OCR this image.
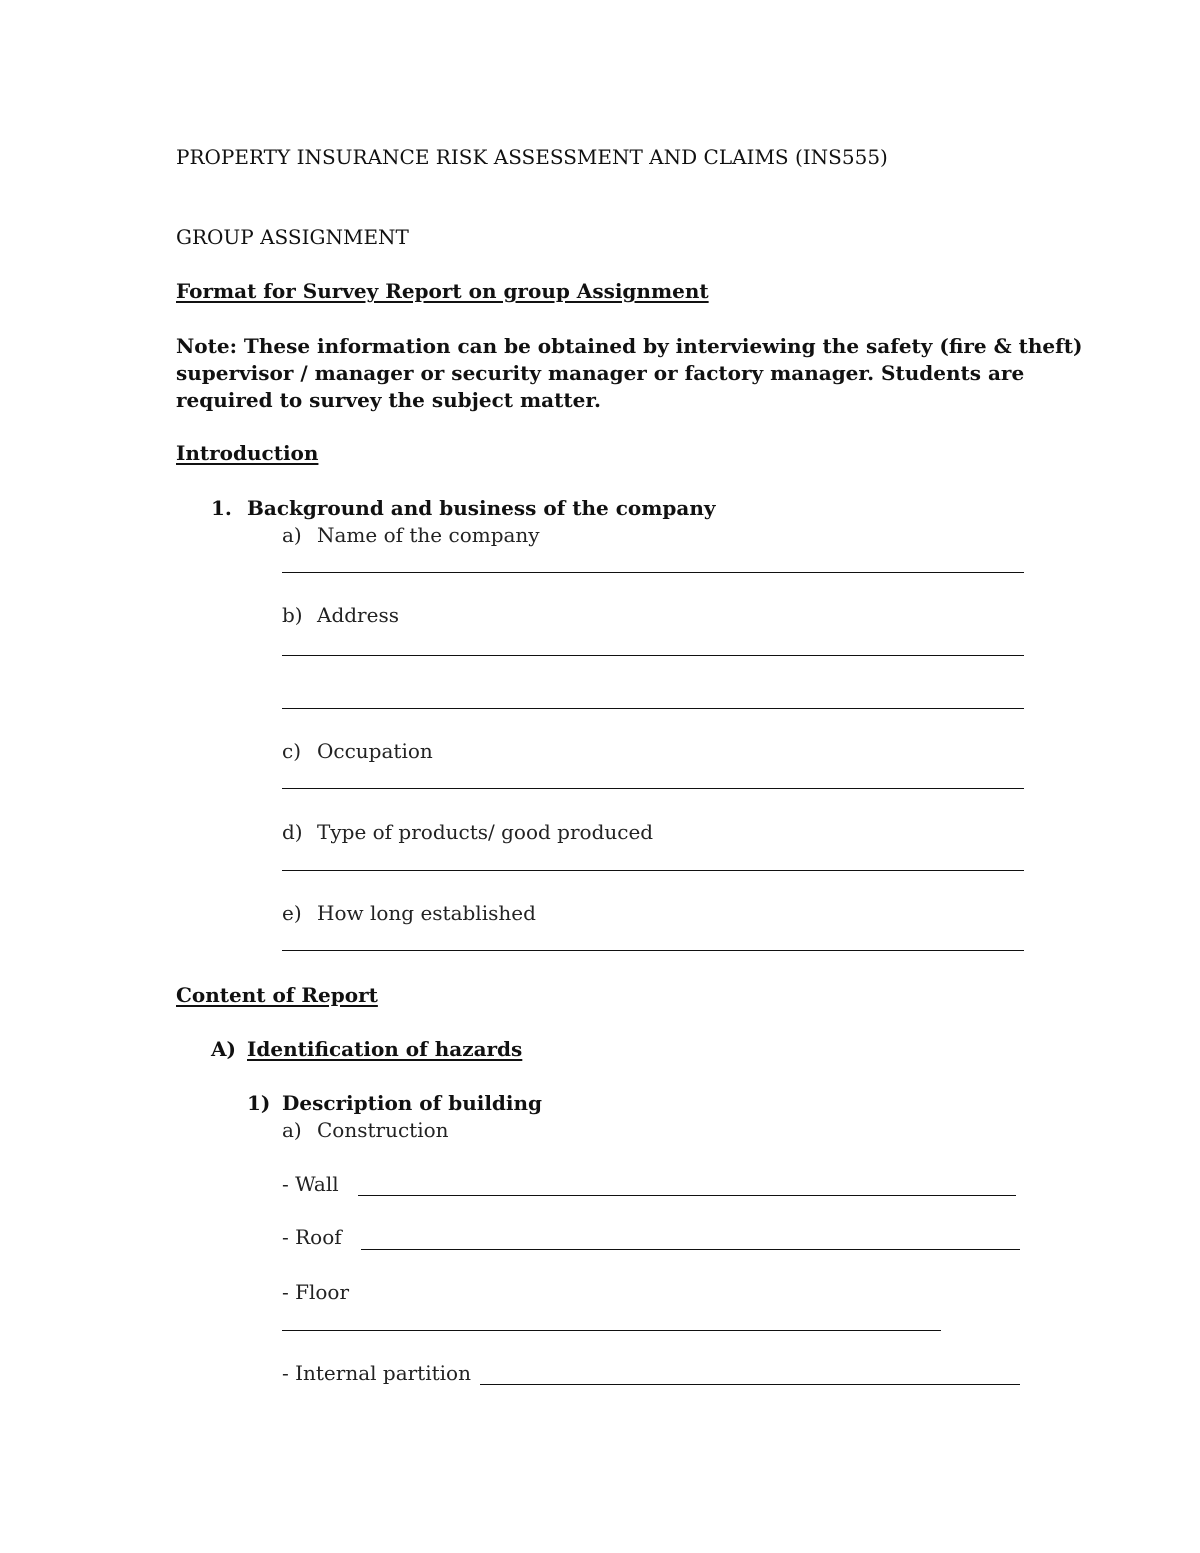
PROPERTY INSURANCE RISK ASSESSMENT AND CLAIMS (INS555)
GROUP ASSIGNMENT
Format for Survey Report on group Assignment
Note: These information can be obtained by interviewing the safety (fire & theft)
supervisor / manager or security manager or factory manager. Students are
required to survey the subject matter.
Introduction
1. Background and business of the company
a) Name of the company
b) Address
c) Occupation
d) Type of products/ good produced
e) How long established
Content of Report
A) Identification of hazards
1) Description of building
a) Construction
- Wall
- Roof
- Floor
- Internal partition
